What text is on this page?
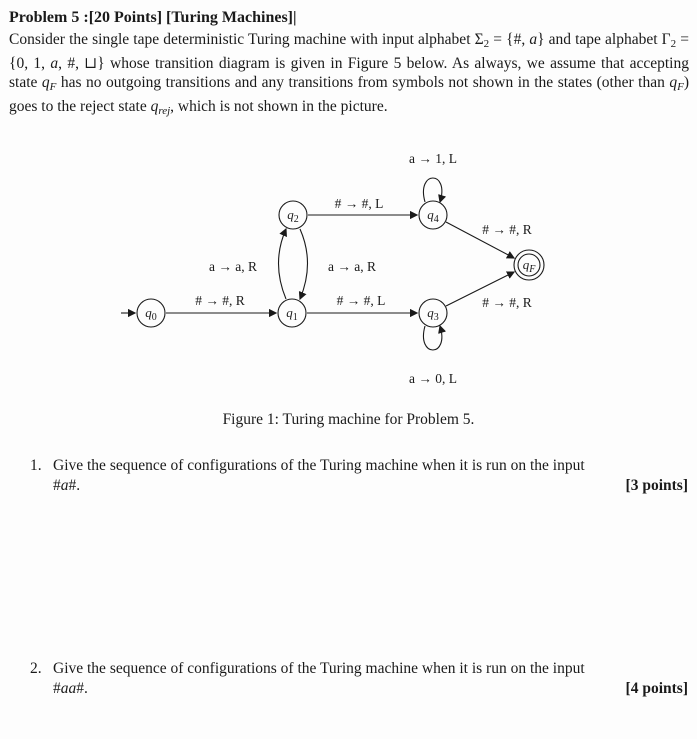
Problem 5 :[20 Points] [Turing Machines]|

Consider the single tape deterministic Turing machine with input alphabet $\Sigma_2$ = {#, a} and tape alphabet $\Gamma_2 = \{0$, 1, a, #, ⊔} whose transition diagram is given in Figure 5 below. As always, we assume that accepting state qF has no outgoing transitions and any transitions from symbols not shown in the states (other than qF) goes to the reject state qrej, which is not shown in the picture.

$q_0$	$q_1$
$q_2$
$q_3$
$q_4$
$q_F$
# → #, R
a → a, R	a → a, R
# → #, L
# → #, L
a → 1, L
a → 0, L
# → #, R
# → #, R
Figure 1: Turing machine for Problem 5.
1. Give the sequence of configurations of the Turing machine when it is run on the input
#a#.	[3 points]
2. Give the sequence of configurations of the Turing machine when it is run on the input
#aa#.	[4 points]
